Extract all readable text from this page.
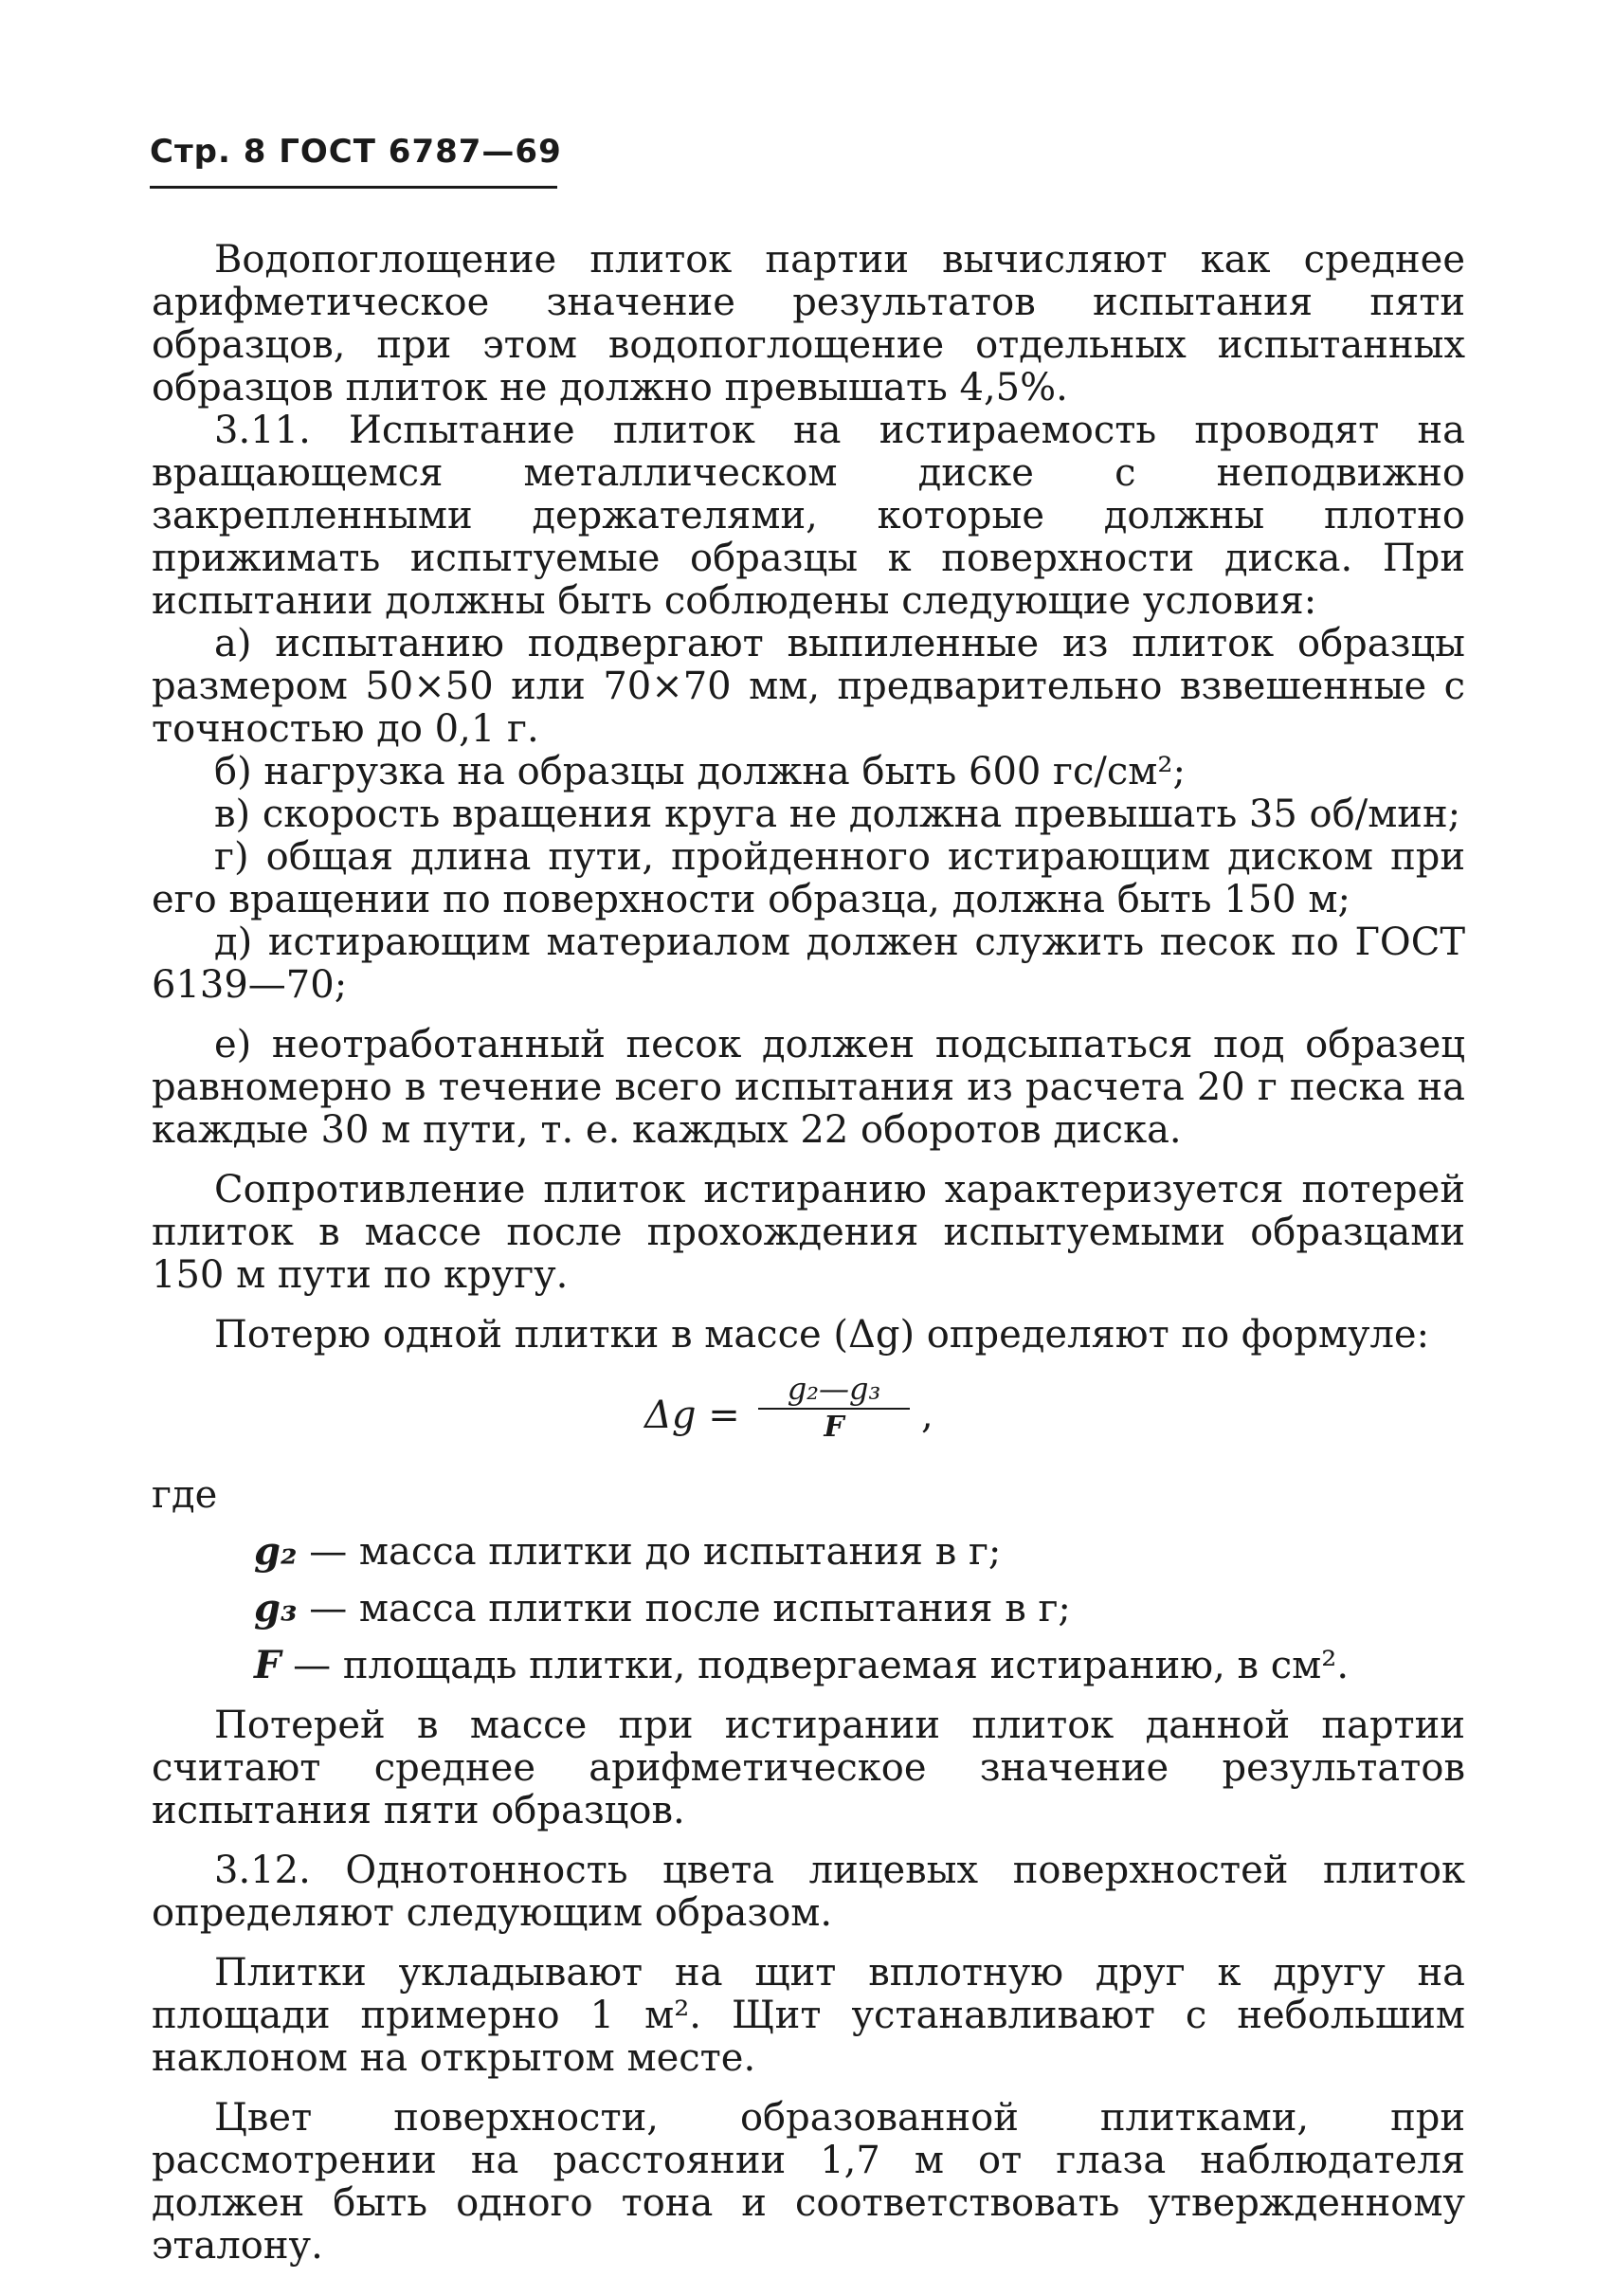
Стр. 8 ГОСТ 6787—69

Водопоглощение плиток партии вычисляют как среднее арифметическое значение результатов испытания пяти образцов, при этом водопоглощение отдельных испытанных образцов плиток не должно превышать 4,5%.

3.11. Испытание плиток на истираемость проводят на вращающемся металлическом диске с неподвижно закрепленными держателями, которые должны плотно прижимать испытуемые образцы к поверхности диска. При испытании должны быть соблюдены следующие условия:

а) испытанию подвергают выпиленные из плиток образцы размером 50×50 или 70×70 мм, предварительно взвешенные с точностью до 0,1 г.

б) нагрузка на образцы должна быть 600 гс/см²;

в) скорость вращения круга не должна превышать 35 об/мин;

г) общая длина пути, пройденного истирающим диском при его вращении по поверхности образца, должна быть 150 м;

д) истирающим материалом должен служить песок по ГОСТ 6139—70;

е) неотработанный песок должен подсыпаться под образец равномерно в течение всего испытания из расчета 20 г песка на каждые 30 м пути, т. е. каждых 22 оборотов диска.

Сопротивление плиток истиранию характеризуется потерей плиток в массе после прохождения испытуемыми образцами 150 м пути по кругу.

Потерю одной плитки в массе (Δg) определяют по формуле:

Δg =
g₂—g₃
F	,

где

g₂ — масса плитки до испытания в г;

g₃ — масса плитки после испытания в г;

F — площадь плитки, подвергаемая истиранию, в см².

Потерей в массе при истирании плиток данной партии считают среднее арифметическое значение результатов испытания пяти образцов.

3.12. Однотонность цвета лицевых поверхностей плиток определяют следующим образом.

Плитки укладывают на щит вплотную друг к другу на площади примерно 1 м². Щит устанавливают с небольшим наклоном на открытом месте.

Цвет поверхности, образованной плитками, при рассмотрении на расстоянии 1,7 м от глаза наблюдателя должен быть одного тона и соответствовать утвержденному эталону.
